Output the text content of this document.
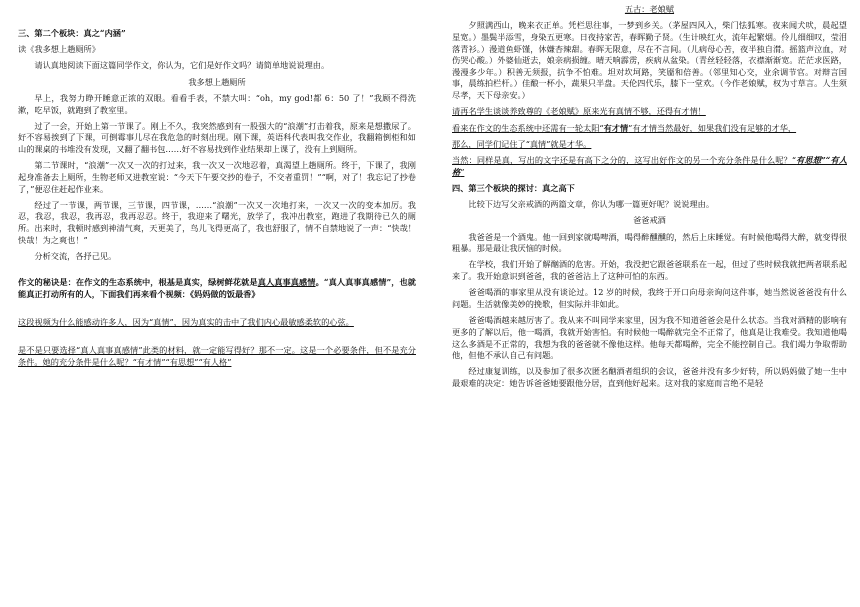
三、第二个板块：真之“内涵”

读《我多想上趟厕所》

请认真地阅读下面这篇同学作文，你认为，它们是好作文吗？请简单地说说理由。

我多想上趟厕所

早上，我努力睁开睡意正浓的双眼。看看手表，不禁大叫：“oh，my god!都 6：50 了！”我顾不得洗漱，吃早饭，就跑到了教室里。

过了一会，开始上第一节课了。刚上不久，我突然感到有一股强大的“浪潮”打击着我，原来是想撒尿了。好不容易挨到了下课，可倒霉事儿尽在我危急的时刻出现。刚下课，英语科代表叫我交作业，我翻箱倒柜和如山的课桌的书堆没有发现，又翻了翻书包……好不容易找到作业结果却上课了，没有上到厕所。

第二节课时，“浪潮”一次又一次的打过来，我一次又一次地忍着，真渴望上趟厕所。终于，下课了，我刚起身准备去上厕所，生物老师又进教室说：“今天下午要交抄的卷子，不交者重罚！”“啊，对了！我忘记了抄卷了，”便忍住赶起作业来。

经过了一节课，两节课，三节课，四节课，……“浪潮”一次又一次地打来，一次又一次的变本加厉。我忍，我忍，我忍，我再忍，我再忍忍。终于，我迎来了曙光，放学了，我冲出教室，跑进了我期待已久的厕所。出来时，我顿时感到神清气爽，天更美了，鸟儿飞得更高了，我也舒服了，情不自禁地说了一声：“快哉！快哉！为之爽也！”

分析交流，各抒己见。

作文的秘诀是：在作文的生态系统中，根基是真实，绿树鲜花就是真人真事真感情。“真人真事真感情”，也就能真正打动所有的人，下面我们再来看个视频：《妈妈做的饭最香》

这段视频为什么能感动许多人，因为“真情”，因为真实的击中了我们内心最敏感柔软的心弦。

是不是只要选择“真人真事真感情”此类的材料，就一定能写得好？那不一定。这是一个必要条件，但不是充分条件。她的充分条件是什么呢？“有才情”“有思想”“有人格”

五古：老娘赋

夕照满西山，晚来衣正单。凭栏思往事，一梦到乡关。（茅屋四风入，柴门怯狐寒。夜来闻犬吠，晨起望星宽。）墨鬓半添雪，身染五更寒。日夜持家苦，春晖勤子贤。（生计映红火，流年起繁烟。伶儿细细叹，莹泪落青衫。）漫道鱼虾馑，休嫌杏辣甜。春晖无限意，尽在不言间。（儿病母心苦，夜半独自潸。摇篮声泣血，对伤哭心酸。）外婆仙逝去，娘亲病损缠。晴天响霹雳，疾病从盆染。（青丝轻轻落，衣襟渐渐宽。茫茫求医路，漫漫多少年。）积善无须报，抗争不怕难。坦对坎坷路，笑靥和倍善。（邻里知心交，业余调节官。对辩言国事，晨练拍栏杆。）佳酿一杯小，蔬果只半盘。天伦四代乐，膝下一堂欢。（今作老娘赋，权为寸草言。人生须尽孝，天下母亲安。）

请再名学生谈谈养致尊的《老娘赋》原来光有真情不够，还得有才情！

看来在作文的生态系统中还需有一轮太阳“有才情”有才情当然最好，如果我们没有足够的才华，

那么，同学们记住了“真情”就是才华。

当然：同样是真，写出的文字还是有高下之分的，这写出好作文的另一个充分条件是什么呢？“有思想”“有人格”

四、第三个板块的探讨：真之高下

比较下边写父亲戒酒的两篇文章，你认为哪一篇更好呢？说说理由。

爸爸戒酒

我爸爸是一个酒鬼。他一回到家就喝啤酒，喝得醉醺醺的，然后上床睡觉。有时候他喝得大醉，就变得很粗暴。那是最让我厌恼的时候。

在学校，我们开始了解酗酒的危害。开始，我没把它跟爸爸联系在一起，但过了些时候我就把两者联系起来了。我开始意识到爸爸，我的爸爸沾上了这种可怕的东西。

爸爸喝酒的事家里从没有谈论过。12 岁的时候，我终于开口向母亲询问这件事，她当然说爸爸没有什么问题。生活就像美妙的挽歌，但实际并非如此。

爸爸喝酒越来越厉害了。我从来不叫同学来家里，因为我不知道爸爸会是什么状态。当我对酒精的影响有更多的了解以后，他一喝酒，我就开始害怕。有时候他一喝醉就完全不正常了，他真是让我难受。我知道他喝这么多酒是不正常的，我想为我的爸爸就不像他这样。他每天都喝醉，完全不能控制自己。我们竭力争取帮助他，但他不承认自己有问题。

经过康复训练，以及参加了很多次匿名酗酒者组织的会议，爸爸并没有多少好转，所以妈妈做了她一生中最艰难的决定：她告诉爸爸她要跟他分居，直到他好起来。这对我的家庭而言绝不是轻
